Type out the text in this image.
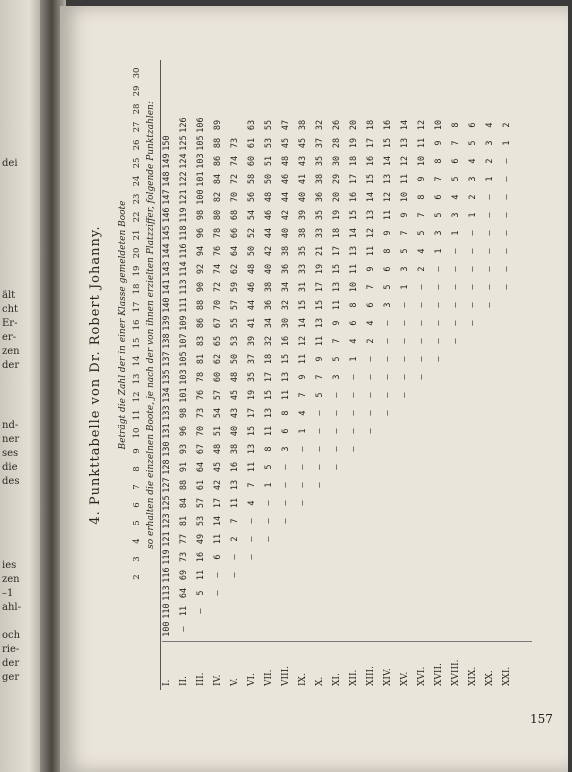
dei
ält
cht
Er-
er-
zen
der
nd-
ner
ses
die
des
ies
zen
–1
ahl-
och
rie-
der
ger
157
4. Punkttabelle von Dr. Robert Johanny. Beträgt die Zahl der in einer Klasse gemeldeten Boote
2
3
4
5
6
7
8
9
10
11
12
13
14
15
16
17
18
19
20
21
22
23
24
25
26
27
28
29
30
so erhalten die einzelnen Boote, je nach der von ihnen erzielten Platzziffer, folgende Punktzahlen:
I.
100
110
113
116
119
121
123
125
127
128
130
131
133
134
135
137
138
139
140
141
143
144
145
146
147
148
149
150
II.
—
11
64
69
73
77
81
84
88
91
93
96
98
101
103
105
107
109
111
113
114
116
118
119
121
122
124
125
126
III.
—
5
11
16
49
53
57
61
64
67
70
73
76
78
81
83
86
88
90
92
94
96
98
100
101
103
105
106
IV.
—
—
6
11
14
17
42
45
48
51
54
57
60
62
65
67
70
72
74
76
78
80
82
84
86
88
89
V.
—
—
2
7
11
13
16
38
40
43
45
48
50
53
55
57
59
62
64
66
68
70
72
74
73
VI.
—
—
—
4
7
11
13
15
17
19
35
37
39
41
44
46
48
50
52
54
56
58
60
61
63
VII.
—
—
—
1
5
8
11
13
15
17
18
32
34
36
38
40
42
44
46
48
50
51
53
55
VIII.
—
—
—
—
3
6
8
11
13
15
16
30
32
34
36
38
40
42
44
46
48
45
47
IX.
—
—
—
—
1
4
7
9
11
12
14
15
31
33
35
38
39
40
41
43
45
38
X.
—
—
—
—
—
5
7
9
11
13
15
17
19
21
33
35
36
38
35
37
32
XI.
—
—
—
—
—
3
5
7
9
11
13
15
17
18
19
20
29
30
28
26
XII.
—
—
—
—
—
1
4
6
8
10
11
13
14
15
16
17
18
19
20
XIII.
—
—
—
—
—
2
4
6
7
9
11
12
13
14
15
16
17
18
XIV.
—
—
—
—
—
—
3
5
6
8
9
11
12
13
14
15
16
XV.
—
—
—
—
—
—
1
3
5
7
9
10
11
12
13
14
XVI.
—
—
—
—
—
—
2
4
5
7
8
9
10
11
12
XVII.
—
—
—
—
—
—
1
3
5
6
7
8
9
10
XVIII.
—
—
—
—
—
—
1
3
4
5
6
7
8
XIX.
—
—
—
—
—
—
1
2
3
4
5
6
XX.
—
—
—
—
—
—
—
1
2
3
4
XXI.
—
—
—
—
—
—
—
—
1
2
